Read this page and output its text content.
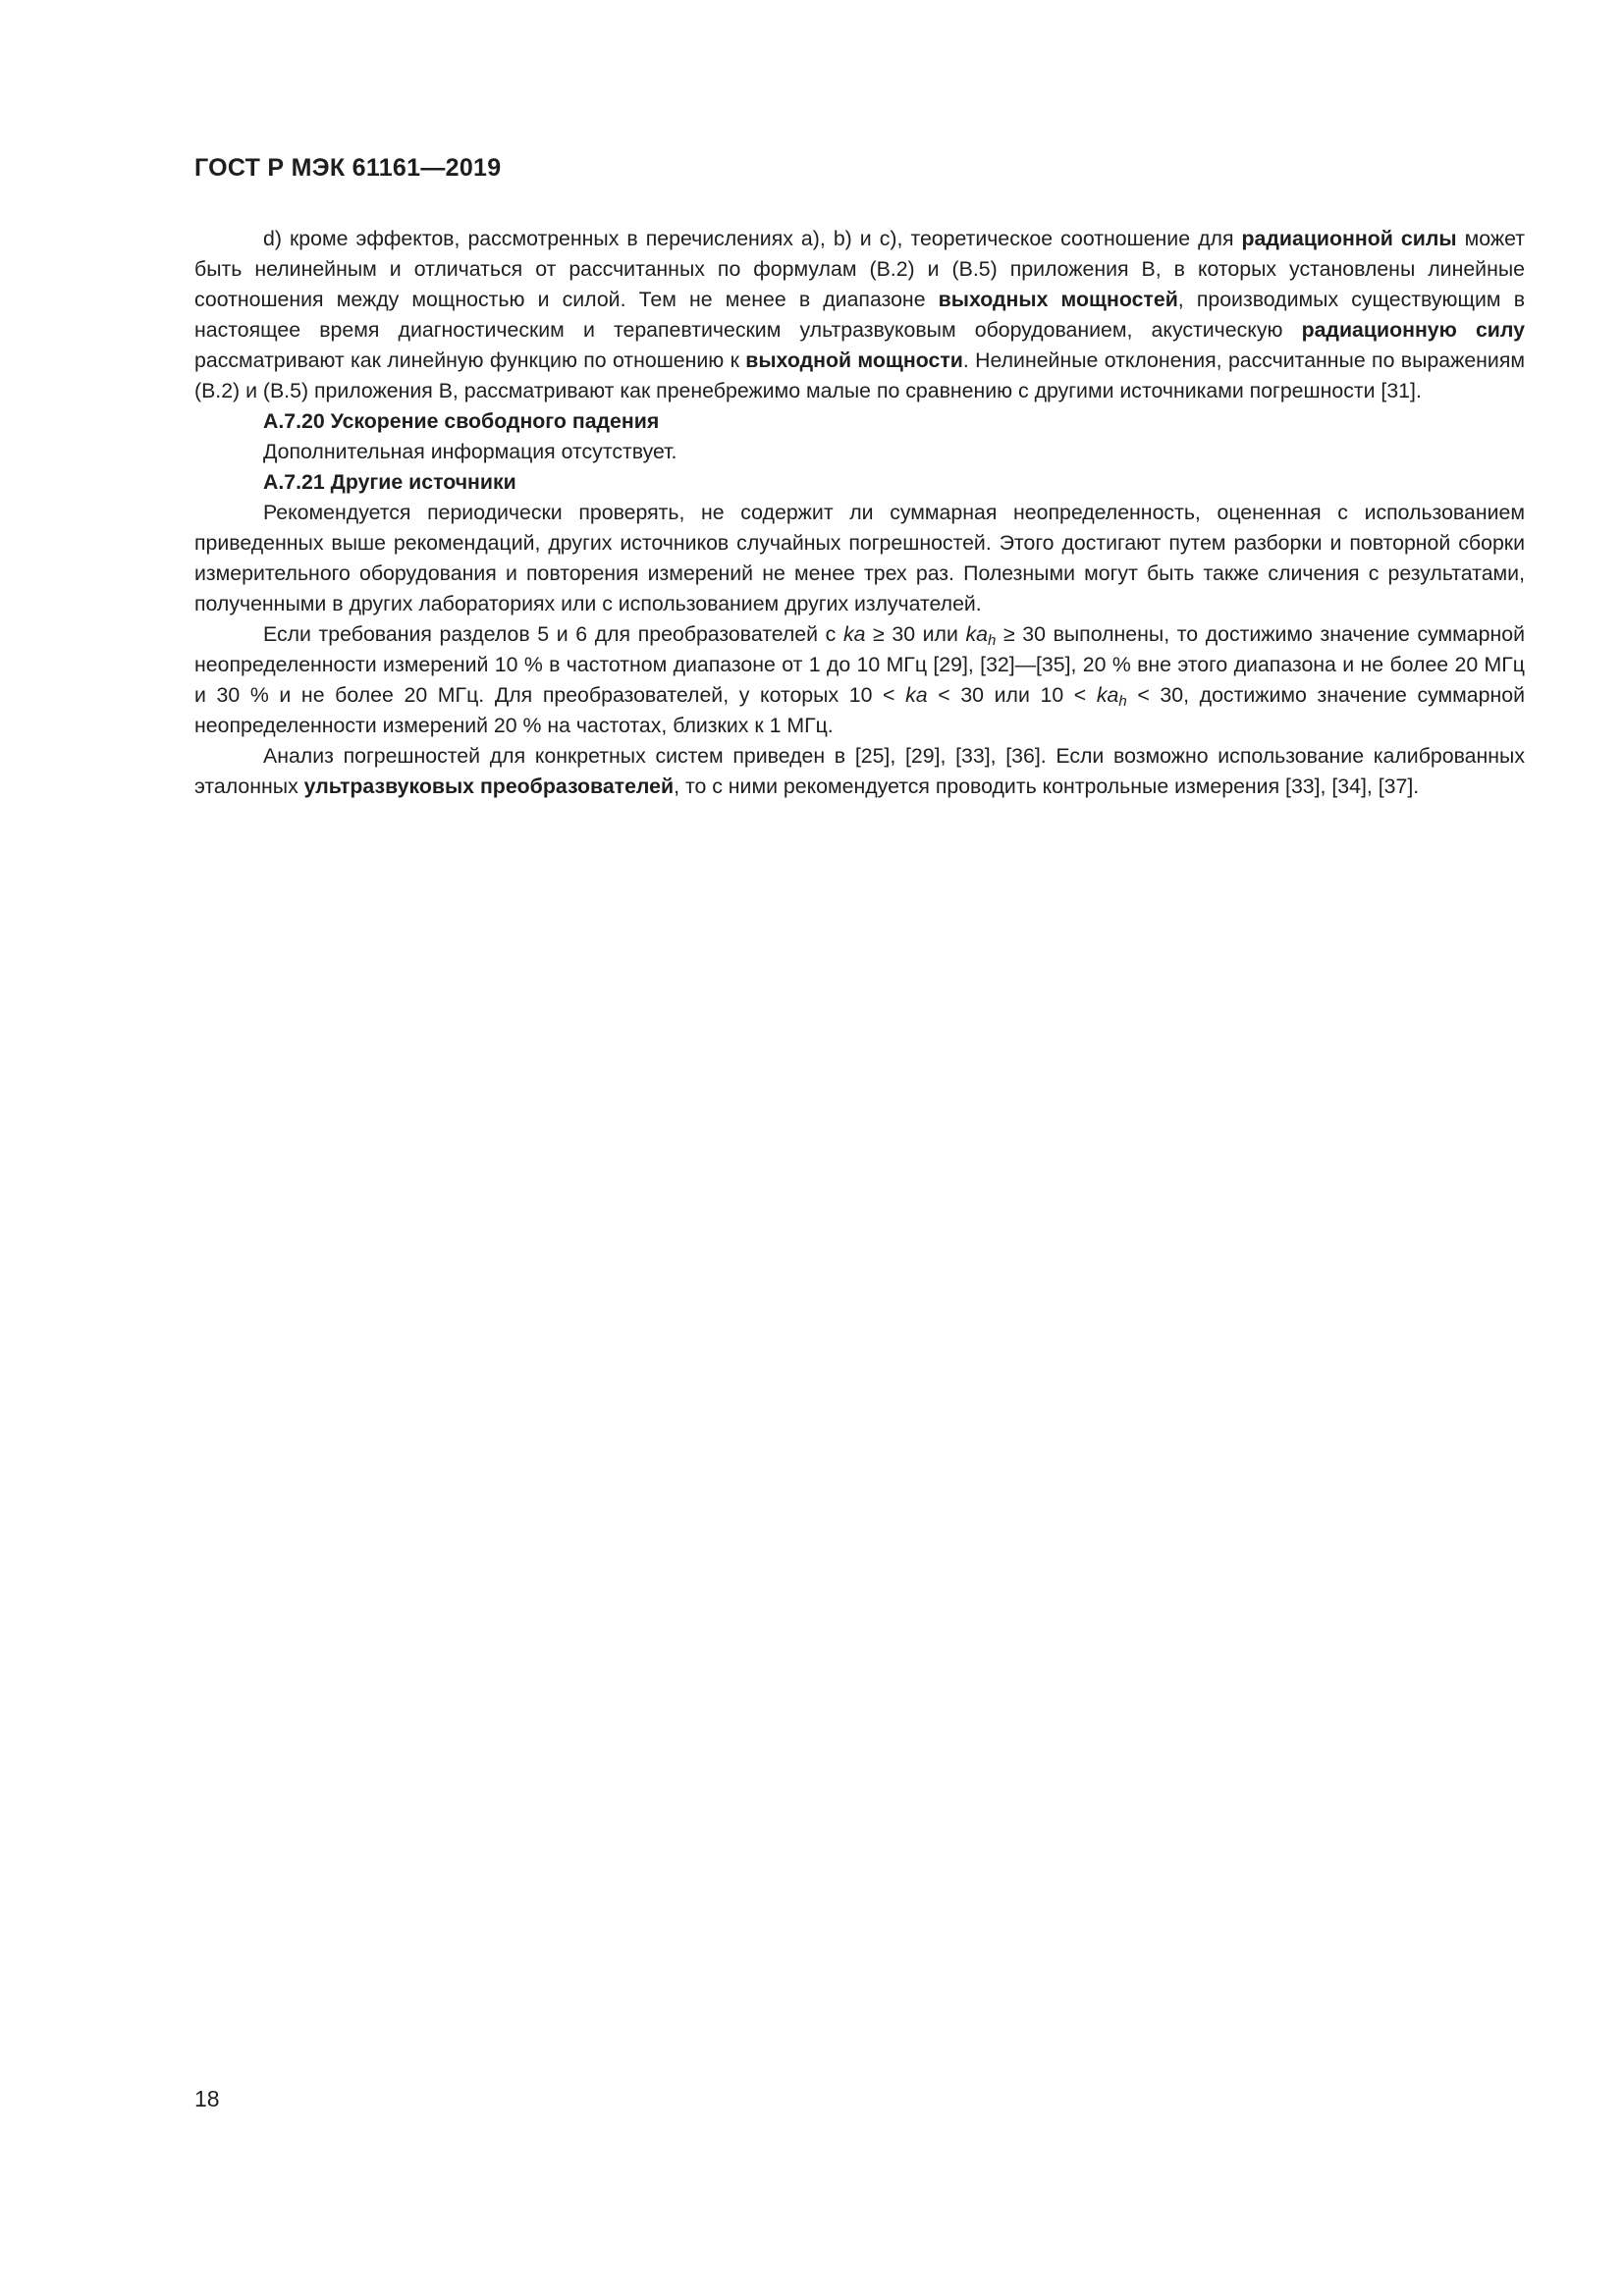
ГОСТ Р МЭК 61161—2019

d) кроме эффектов, рассмотренных в перечислениях а), b) и с), теоретическое соотношение для радиационной силы может быть нелинейным и отличаться от рассчитанных по формулам (B.2) и (B.5) приложения B, в которых установлены линейные соотношения между мощностью и силой. Тем не менее в диапазоне выходных мощностей, производимых существующим в настоящее время диагностическим и терапевтическим ультразвуковым оборудованием, акустическую радиационную силу рассматривают как линейную функцию по отношению к выходной мощности. Нелинейные отклонения, рассчитанные по выражениям (B.2) и (B.5) приложения B, рассматривают как пренебрежимо малые по сравнению с другими источниками погрешности [31].

A.7.20 Ускорение свободного падения

Дополнительная информация отсутствует.

A.7.21 Другие источники

Рекомендуется периодически проверять, не содержит ли суммарная неопределенность, оцененная с использованием приведенных выше рекомендаций, других источников случайных погрешностей. Этого достигают путем разборки и повторной сборки измерительного оборудования и повторения измерений не менее трех раз. Полезными могут быть также сличения с результатами, полученными в других лабораториях или с использованием других излучателей.

Если требования разделов 5 и 6 для преобразователей с ka ≥ 30 или $ka_h \ge 30$ выполнены, то достижимо значение суммарной неопределенности измерений 10 % в частотном диапазоне от 1 до 10 МГц [29], [32]—[35], 20 % вне этого диапазона и не более 20 МГц и 30 % и не более 20 МГц. Для преобразователей, у которых 10 < ka < 30 или $10 < ka_h < 30$, достижимо значение суммарной неопределенности измерений 20 % на частотах, близких к 1 МГц.

Анализ погрешностей для конкретных систем приведен в [25], [29], [33], [36]. Если возможно использование калиброванных эталонных ультразвуковых преобразователей, то с ними рекомендуется проводить контрольные измерения [33], [34], [37].

18
